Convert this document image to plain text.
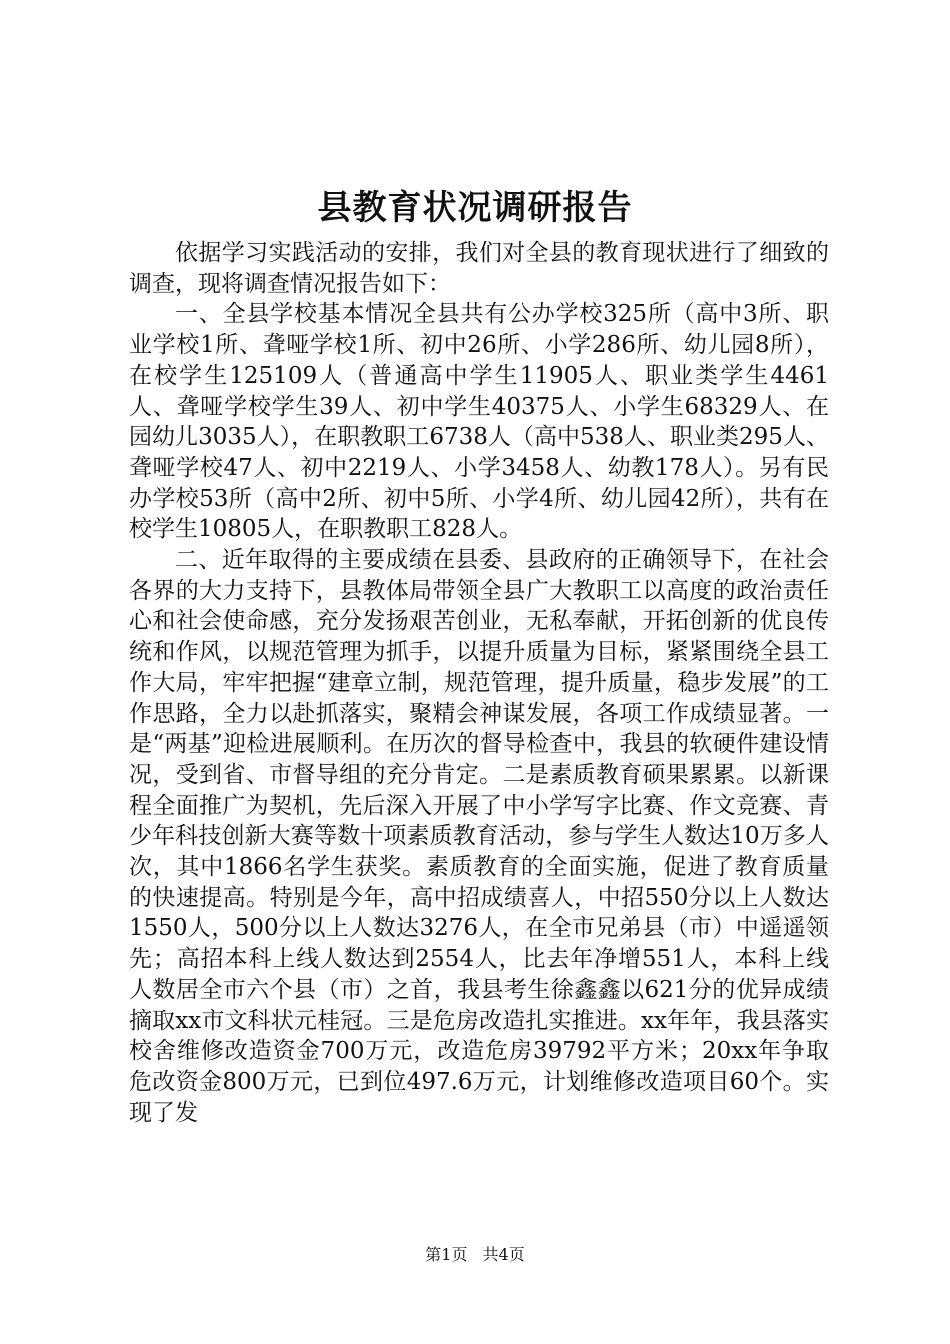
县教育状况调研报告

依据学习实践活动的安排，我们对全县的教育现状进行了细致的调查，现将调查情况报告如下：

一、全县学校基本情况全县共有公办学校325所（高中3所、职业学校1所、聋哑学校1所、初中26所、小学286所、幼儿园8所），在校学生125109人（普通高中学生11905人、职业类学生4461人、聋哑学校学生39人、初中学生40375人、小学生68329人、在园幼儿3035人），在职教职工6738人（高中538人、职业类295人、聋哑学校47人、初中2219人、小学3458人、幼教178人）。另有民办学校53所（高中2所、初中5所、小学4所、幼儿园42所），共有在校学生10805人，在职教职工828人。

二、近年取得的主要成绩在县委、县政府的正确领导下，在社会各界的大力支持下，县教体局带领全县广大教职工以高度的政治责任心和社会使命感，充分发扬艰苦创业，无私奉献，开拓创新的优良传统和作风，以规范管理为抓手，以提升质量为目标，紧紧围绕全县工作大局，牢牢把握“建章立制，规范管理，提升质量，稳步发展”的工作思路，全力以赴抓落实，聚精会神谋发展，各项工作成绩显著。一是“两基”迎检进展顺利。在历次的督导检查中，我县的软硬件建设情况，受到省、市督导组的充分肯定。二是素质教育硕果累累。以新课程全面推广为契机，先后深入开展了中小学写字比赛、作文竞赛、青少年科技创新大赛等数十项素质教育活动，参与学生人数达10万多人次，其中1866名学生获奖。素质教育的全面实施，促进了教育质量的快速提高。特别是今年，高中招成绩喜人，中招550分以上人数达1550人，500分以上人数达3276人，在全市兄弟县（市）中遥遥领先；高招本科上线人数达到2554人，比去年净增551人，本科上线人数居全市六个县（市）之首，我县考生徐鑫鑫以621分的优异成绩摘取xx市文科状元桂冠。三是危房改造扎实推进。xx年年，我县落实校舍维修改造资金700万元，改造危房39792平方米；20xx年争取危改资金800万元，已到位497.6万元，计划维修改造项目60个。实现了发

第1页 共4页
